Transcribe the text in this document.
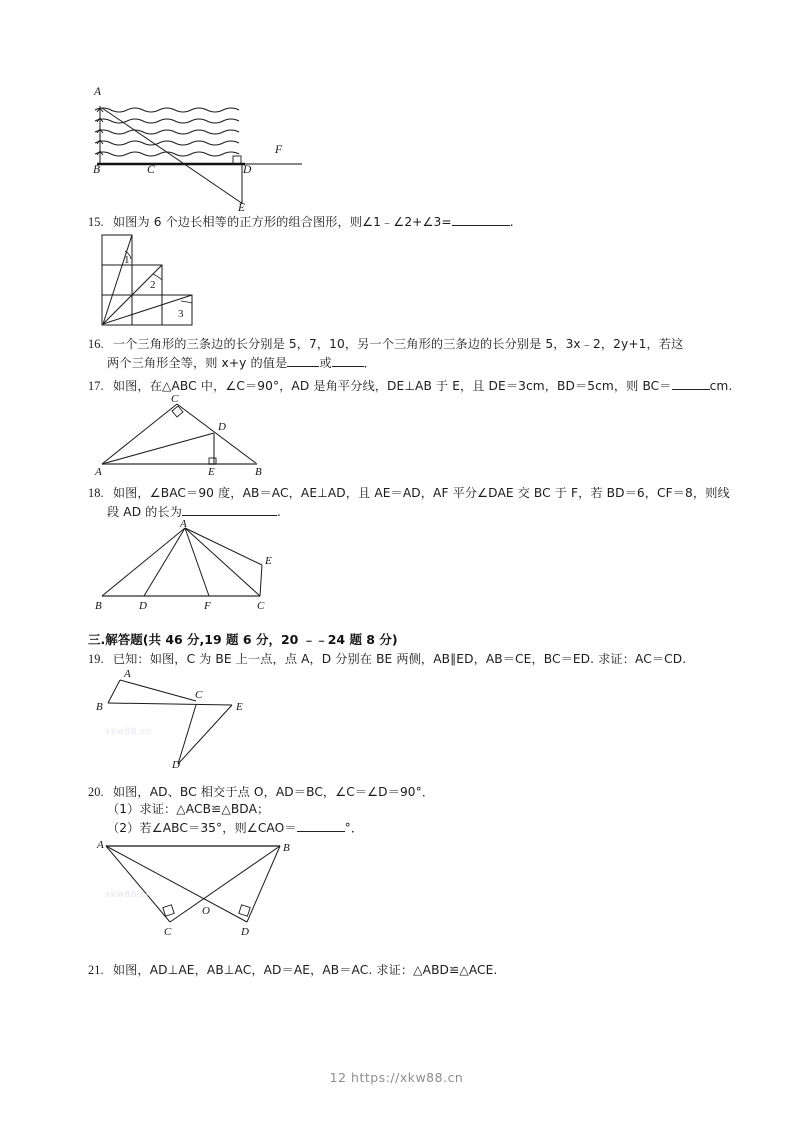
A
B	C	D
E
F
15. 如图为 6 个边长相等的正方形的组合图形，则∠1﹣∠2+∠3=	.
1
2
3
16. 一个三角形的三条边的长分别是 5，7，10，另一个三角形的三条边的长分别是 5，3x﹣2，2y+1，若这
两个三角形全等，则 x+y 的值是	或	．
17. 如图，在△ABC 中，∠C＝90°，AD 是角平分线，DE⊥AB 于 E，且 DE＝3cm，BD＝5cm，则 BC＝	cm.
C
D
A	E	B
18. 如图，∠BAC＝90 度，AB＝AC，AE⊥AD，且 AE＝AD，AF 平分∠DAE 交 BC 于 F，若 BD＝6，CF＝8，则线
段 AD 的长为	.
A
E
B	D	F	C
三.解答题(共 46 分,19 题 6 分，20 ﹣﹣24 题 8 分)
19. 已知：如图，C 为 BE 上一点，点 A，D 分别在 BE 两侧，AB∥ED，AB＝CE，BC＝ED. 求证：AC＝CD.
A
C
B	E
D
xkw88.cn
20. 如图，AD、BC 相交于点 O，AD＝BC，∠C＝∠D＝90°．
（1）求证：△ACB≌△BDA；
（2）若∠ABC＝35°，则∠CAO＝	°．
A	B
O
C	D
xkw88.cn
21. 如图，AD⊥AE，AB⊥AC，AD＝AE，AB＝AC. 求证：△ABD≌△ACE.
12 https://xkw88.cn
